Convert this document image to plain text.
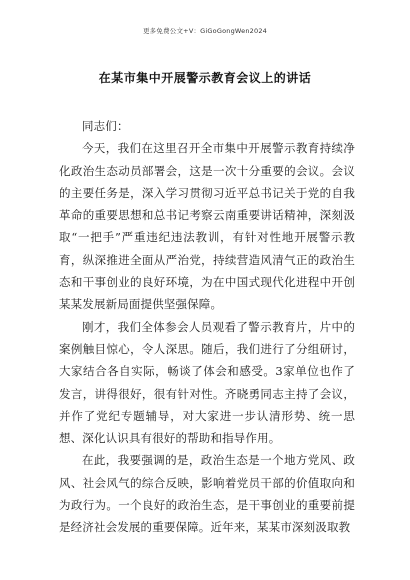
更多免费公文+V：GiGoGongWen2024
在某市集中开展警示教育会议上的讲话

同志们：

今天，我们在这里召开全市集中开展警示教育持续净化政治生态动员部署会，这是一次十分重要的会议。会议的主要任务是，深入学习贯彻习近平总书记关于党的自我革命的重要思想和总书记考察云南重要讲话精神，深刻汲取“一把手”严重违纪违法教训，有针对性地开展警示教育，纵深推进全面从严治党，持续营造风清气正的政治生态和干事创业的良好环境，为在中国式现代化进程中开创某某发展新局面提供坚强保障。

刚才，我们全体参会人员观看了警示教育片，片中的案例触目惊心，令人深思。随后，我们进行了分组研讨，大家结合各自实际，畅谈了体会和感受。3家单位也作了发言，讲得很好，很有针对性。齐晓勇同志主持了会议，并作了党纪专题辅导，对大家进一步认清形势、统一思想、深化认识具有很好的帮助和指导作用。

在此，我要强调的是，政治生态是一个地方党风、政风、社会风气的综合反映，影响着党员干部的价值取向和为政行为。一个良好的政治生态，是干事创业的重要前提是经济社会发展的重要保障。近年来，某某市深刻汲取教
